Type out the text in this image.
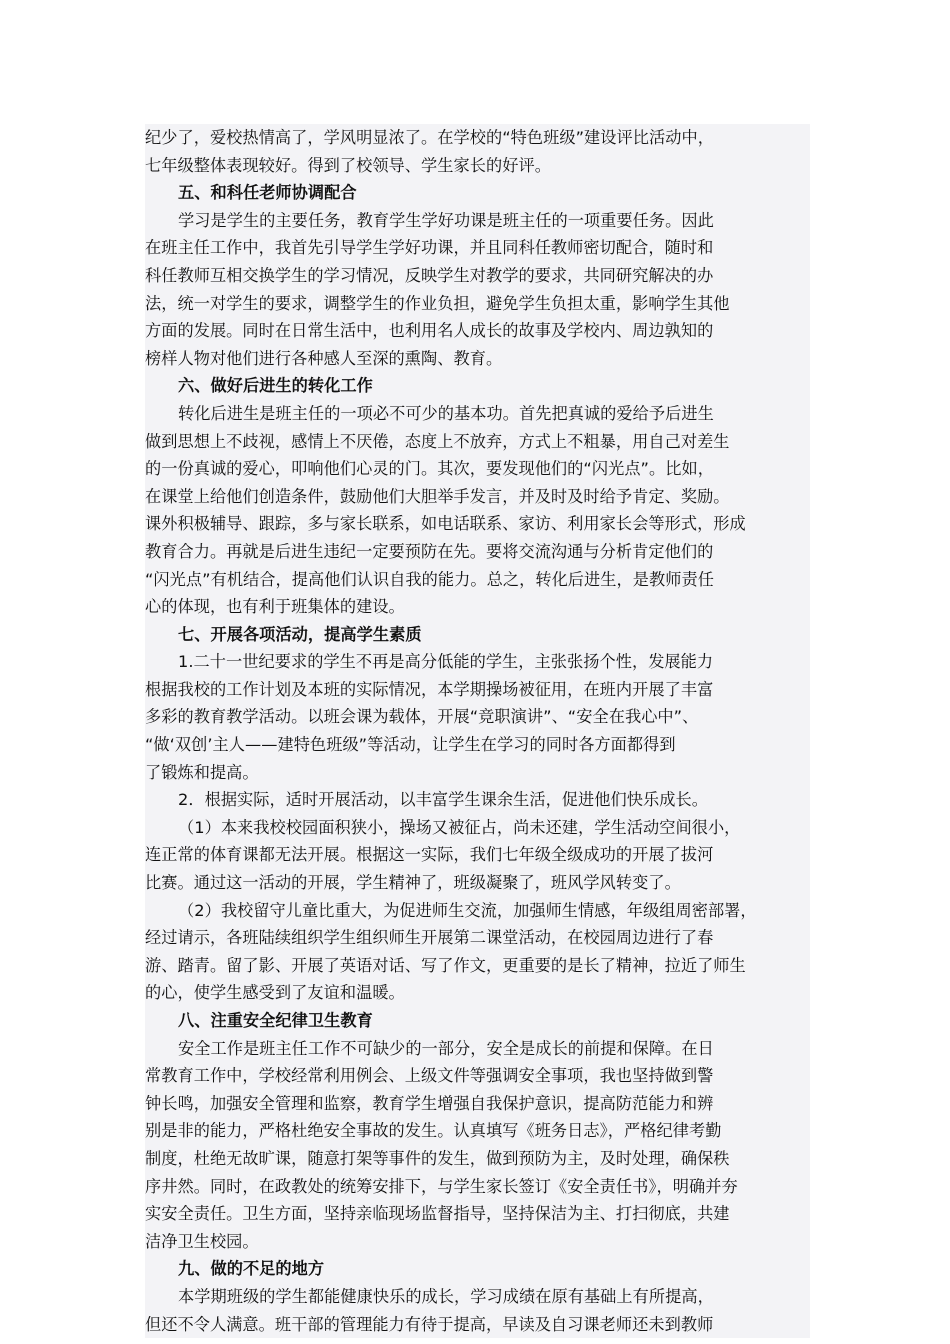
纪少了，爱校热情高了，学风明显浓了。在学校的“特色班级”建设评比活动中，
七年级整体表现较好。得到了校领导、学生家长的好评。
五、和科任老师协调配合
学习是学生的主要任务，教育学生学好功课是班主任的一项重要任务。因此
在班主任工作中，我首先引导学生学好功课，并且同科任教师密切配合，随时和
科任教师互相交换学生的学习情况，反映学生对教学的要求，共同研究解决的办
法，统一对学生的要求，调整学生的作业负担，避免学生负担太重，影响学生其他
方面的发展。同时在日常生活中，也利用名人成长的故事及学校内、周边孰知的
榜样人物对他们进行各种感人至深的熏陶、教育。
六、做好后进生的转化工作
转化后进生是班主任的一项必不可少的基本功。首先把真诚的爱给予后进生
做到思想上不歧视，感情上不厌倦，态度上不放弃，方式上不粗暴，用自己对差生
的一份真诚的爱心，叩响他们心灵的门。其次，要发现他们的“闪光点”。比如，
在课堂上给他们创造条件，鼓励他们大胆举手发言，并及时及时给予肯定、奖励。
课外积极辅导、跟踪，多与家长联系，如电话联系、家访、利用家长会等形式，形成
教育合力。再就是后进生违纪一定要预防在先。要将交流沟通与分析肯定他们的
“闪光点”有机结合，提高他们认识自我的能力。总之，转化后进生，是教师责任
心的体现，也有利于班集体的建设。
七、开展各项活动，提高学生素质
1.二十一世纪要求的学生不再是高分低能的学生，主张张扬个性，发展能力
根据我校的工作计划及本班的实际情况，本学期操场被征用，在班内开展了丰富
多彩的教育教学活动。以班会课为载体，开展“竞职演讲”、“安全在我心中”、
“做‘双创’主人——建特色班级”等活动，让学生在学习的同时各方面都得到
了锻炼和提高。
2．根据实际，适时开展活动，以丰富学生课余生活，促进他们快乐成长。
（1）本来我校校园面积狭小，操场又被征占，尚未还建，学生活动空间很小，
连正常的体育课都无法开展。根据这一实际，我们七年级全级成功的开展了拔河
比赛。通过这一活动的开展，学生精神了，班级凝聚了，班风学风转变了。
（2）我校留守儿童比重大，为促进师生交流，加强师生情感，年级组周密部署，
经过请示，各班陆续组织学生组织师生开展第二课堂活动，在校园周边进行了春
游、踏青。留了影、开展了英语对话、写了作文，更重要的是长了精神，拉近了师生
的心，使学生感受到了友谊和温暖。
八、注重安全纪律卫生教育
安全工作是班主任工作不可缺少的一部分，安全是成长的前提和保障。在日
常教育工作中，学校经常利用例会、上级文件等强调安全事项，我也坚持做到警
钟长鸣，加强安全管理和监察，教育学生增强自我保护意识，提高防范能力和辨
别是非的能力，严格杜绝安全事故的发生。认真填写《班务日志》，严格纪律考勤
制度，杜绝无故旷课，随意打架等事件的发生，做到预防为主，及时处理，确保秩
序井然。同时，在政教处的统筹安排下，与学生家长签订《安全责任书》，明确并夯
实安全责任。卫生方面，坚持亲临现场监督指导，坚持保洁为主、打扫彻底，共建
洁净卫生校园。
九、做的不足的地方
本学期班级的学生都能健康快乐的成长，学习成绩在原有基础上有所提高，
但还不令人满意。班干部的管理能力有待于提高，早读及自习课老师还未到教师
